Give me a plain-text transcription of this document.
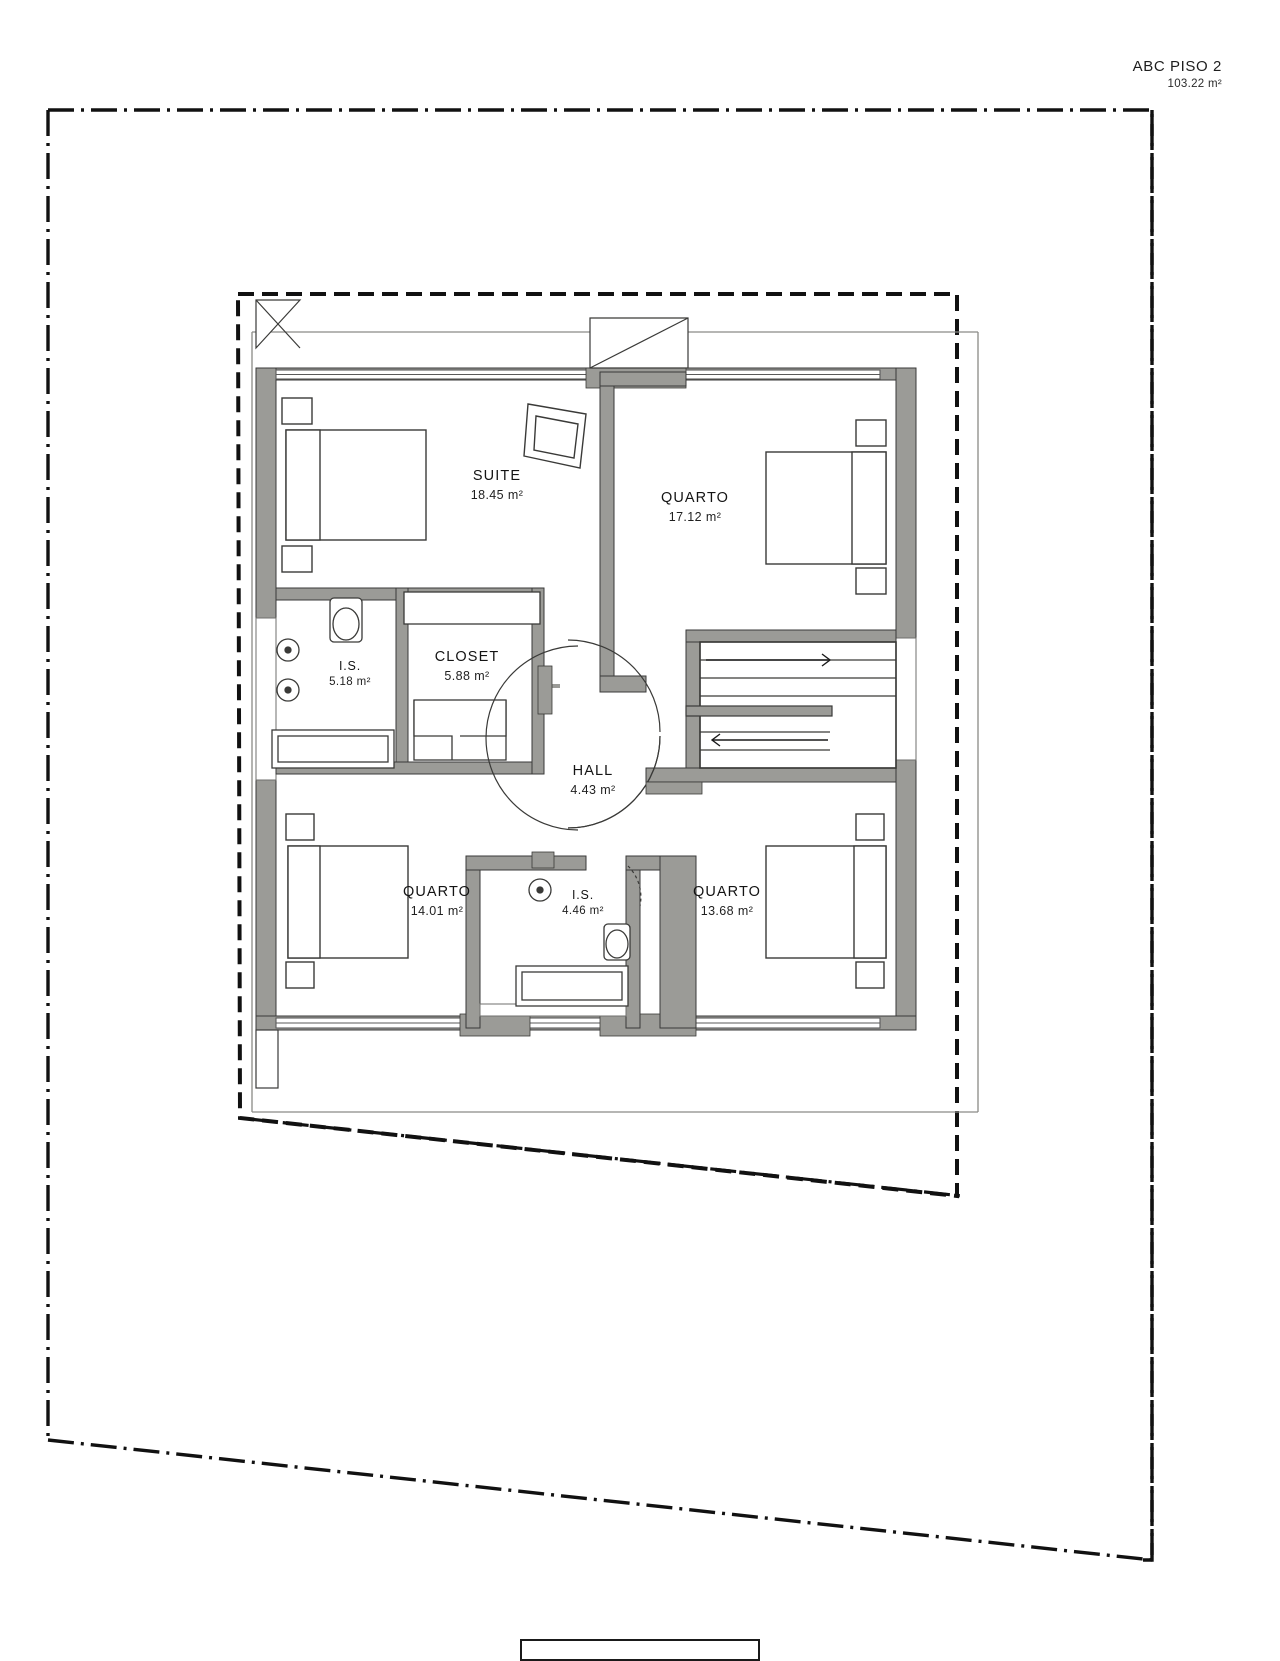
ABC PISO 2
103.22 m²
SUITE
18.45 m²	QUARTO
17.12 m²
I.S.
5.18 m²
CLOSET
5.88 m²
HALL
4.43 m²
QUARTO
14.01 m²
I.S.
4.46 m²
QUARTO
13.68 m²
